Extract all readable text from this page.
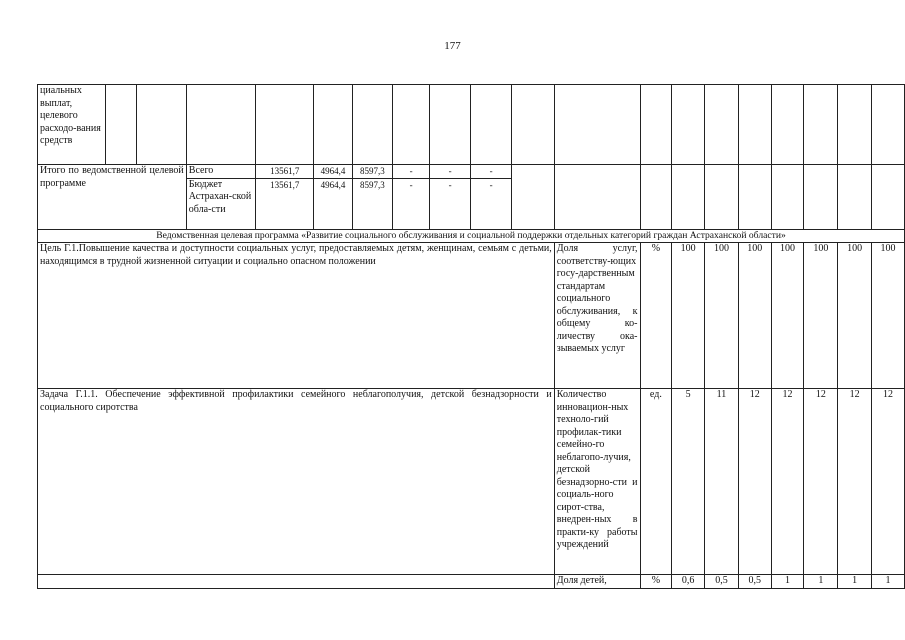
177
циальных выплат, целевого расходо-вания средств																			
Итого по ведомственной целевой программе			Всего	13561,7	4964,4	8597,3	-	-	-										
			Бюджет Астрахан-ской обла-сти	13561,7	4964,4	8597,3	-	-	-										
Ведомственная целевая программа «Развитие социального обслуживания и социальной поддержки отдельных категорий граждан Астраханской области»																			
Цель Г.1.Повышение качества и доступности социальных услуг, предоставляемых детям, женщинам, семьям с детьми, находящимся в трудной жизненной ситуации и социально опасном положении											Доля услуг, соответству-ющих госу-дарственным стандартам социального обслуживания, к общему ко-личеству ока-зываемых услуг	%	100	100	100	100	100	100	100
Задача Г.1.1. Обеспечение эффективной профилактики семейного неблагополучия, детской безнадзорности и социального сиротства											Количество инновацион-ных техноло-гий профилак-тики семейно-го неблагопо-лучия, детской безнадзорно-сти и социаль-ного сирот-ства, внедрен-ных в практи-ку работы учреждений	ед.	5	11	12	12	12	12	12
											Доля детей,	%	0,6	0,5	0,5	1	1	1	1
